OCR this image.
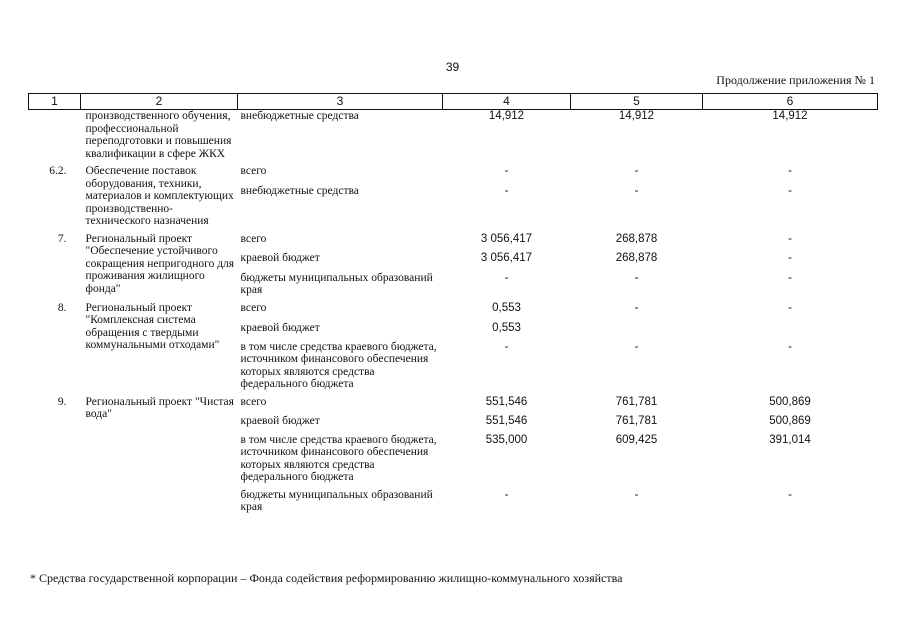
39
Продолжение приложения № 1
1	2	3	4	5	6
	производственного обучения, профессиональной переподготовки и повышения квалификации в сфере ЖКХ	внебюджетные средства	14,912	14,912	14,912

6.2.	Обеспечение поставок оборудования, техники, материалов и комплектующих производственно-технического назначения	всего	-	-	-
		внебюджетные средства	-	-	-

7.	Региональный проект "Обеспечение устойчивого сокращения непригодного для проживания жилищного фонда"	всего	3 056,417	268,878	-
		краевой бюджет	3 056,417	268,878	-
		бюджеты муниципальных образований края	-	-	-

8.	Региональный проект "Комплексная система обращения с твердыми коммунальными отходами"	всего	0,553	-	-
		краевой бюджет	0,553		
		в том числе средства краевого бюджета, источником финансового обеспечения которых являются средства федерального бюджета	-	-	-

9.	Региональный проект "Чистая вода"	всего	551,546	761,781	500,869
		краевой бюджет	551,546	761,781	500,869
		в том числе средства краевого бюджета, источником финансового обеспечения которых являются средства федерального бюджета	535,000	609,425	391,014
		бюджеты муниципальных образований края	-	-	-
* Средства государственной корпорации – Фонда содействия реформированию жилищно-коммунального хозяйства
